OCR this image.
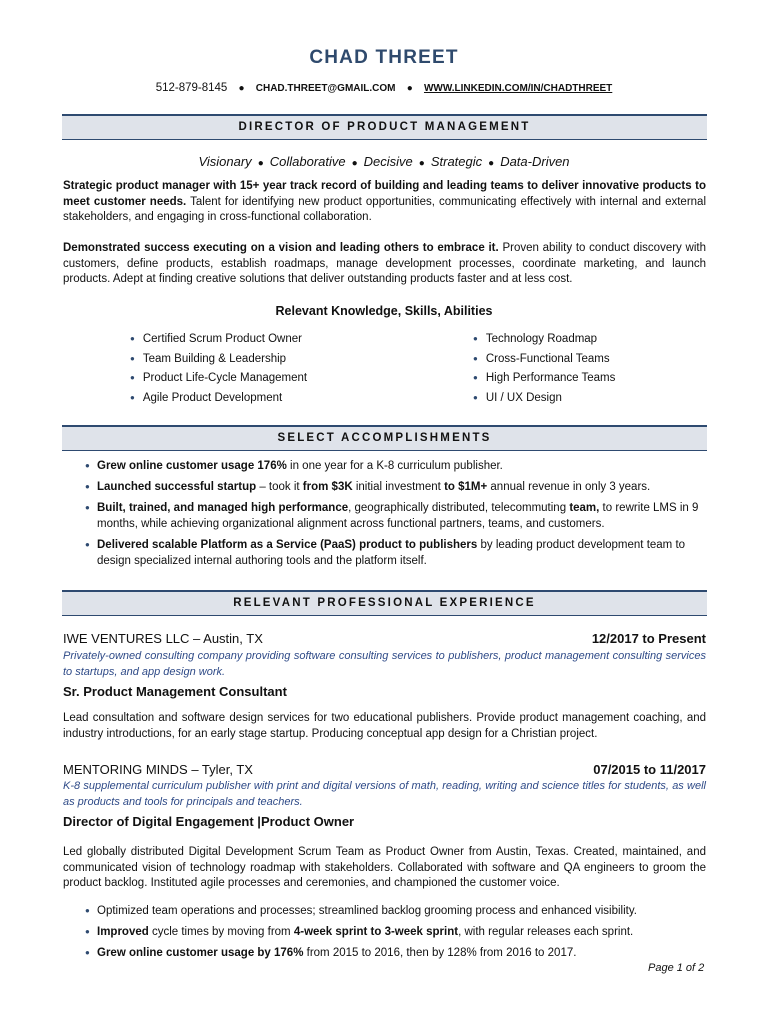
CHAD THREET
512-879-8145 ● CHAD.THREET@GMAIL.COM ● WWW.LINKEDIN.COM/IN/CHADTHREET
DIRECTOR OF PRODUCT MANAGEMENT
Visionary ● Collaborative ● Decisive ● Strategic ● Data-Driven
Strategic product manager with 15+ year track record of building and leading teams to deliver innovative products to meet customer needs. Talent for identifying new product opportunities, communicating effectively with internal and external stakeholders, and engaging in cross-functional collaboration.
Demonstrated success executing on a vision and leading others to embrace it. Proven ability to conduct discovery with customers, define products, establish roadmaps, manage development processes, coordinate marketing, and launch products. Adept at finding creative solutions that deliver outstanding products faster and at less cost.
Relevant Knowledge, Skills, Abilities
● Certified Scrum Product Owner
● Team Building & Leadership
● Product Life-Cycle Management
● Agile Product Development
● Technology Roadmap
● Cross-Functional Teams
● High Performance Teams
● UI / UX Design
SELECT ACCOMPLISHMENTS
● Grew online customer usage 176% in one year for a K-8 curriculum publisher.
● Launched successful startup – took it from $3K initial investment to $1M+ annual revenue in only 3 years.
● Built, trained, and managed high performance, geographically distributed, telecommuting team, to rewrite LMS in 9 months, while achieving organizational alignment across functional partners, teams, and customers.
● Delivered scalable Platform as a Service (PaaS) product to publishers by leading product development team to design specialized internal authoring tools and the platform itself.
RELEVANT PROFESSIONAL EXPERIENCE
IWE VENTURES LLC – Austin, TX	12/2017 to Present
Privately-owned consulting company providing software consulting services to publishers, product management consulting services to startups, and app design work.
Sr. Product Management Consultant
Lead consultation and software design services for two educational publishers. Provide product management coaching, and industry introductions, for an early stage startup. Producing conceptual app design for a Christian project.
MENTORING MINDS – Tyler, TX	07/2015 to 11/2017
K-8 supplemental curriculum publisher with print and digital versions of math, reading, writing and science titles for students, as well as products and tools for principals and teachers.
Director of Digital Engagement |Product Owner
Led globally distributed Digital Development Scrum Team as Product Owner from Austin, Texas. Created, maintained, and communicated vision of technology roadmap with stakeholders. Collaborated with software and QA engineers to groom the product backlog. Instituted agile processes and ceremonies, and championed the customer voice.
● Optimized team operations and processes; streamlined backlog grooming process and enhanced visibility.
● Improved cycle times by moving from 4-week sprint to 3-week sprint, with regular releases each sprint.
● Grew online customer usage by 176% from 2015 to 2016, then by 128% from 2016 to 2017.
Page 1 of 2
